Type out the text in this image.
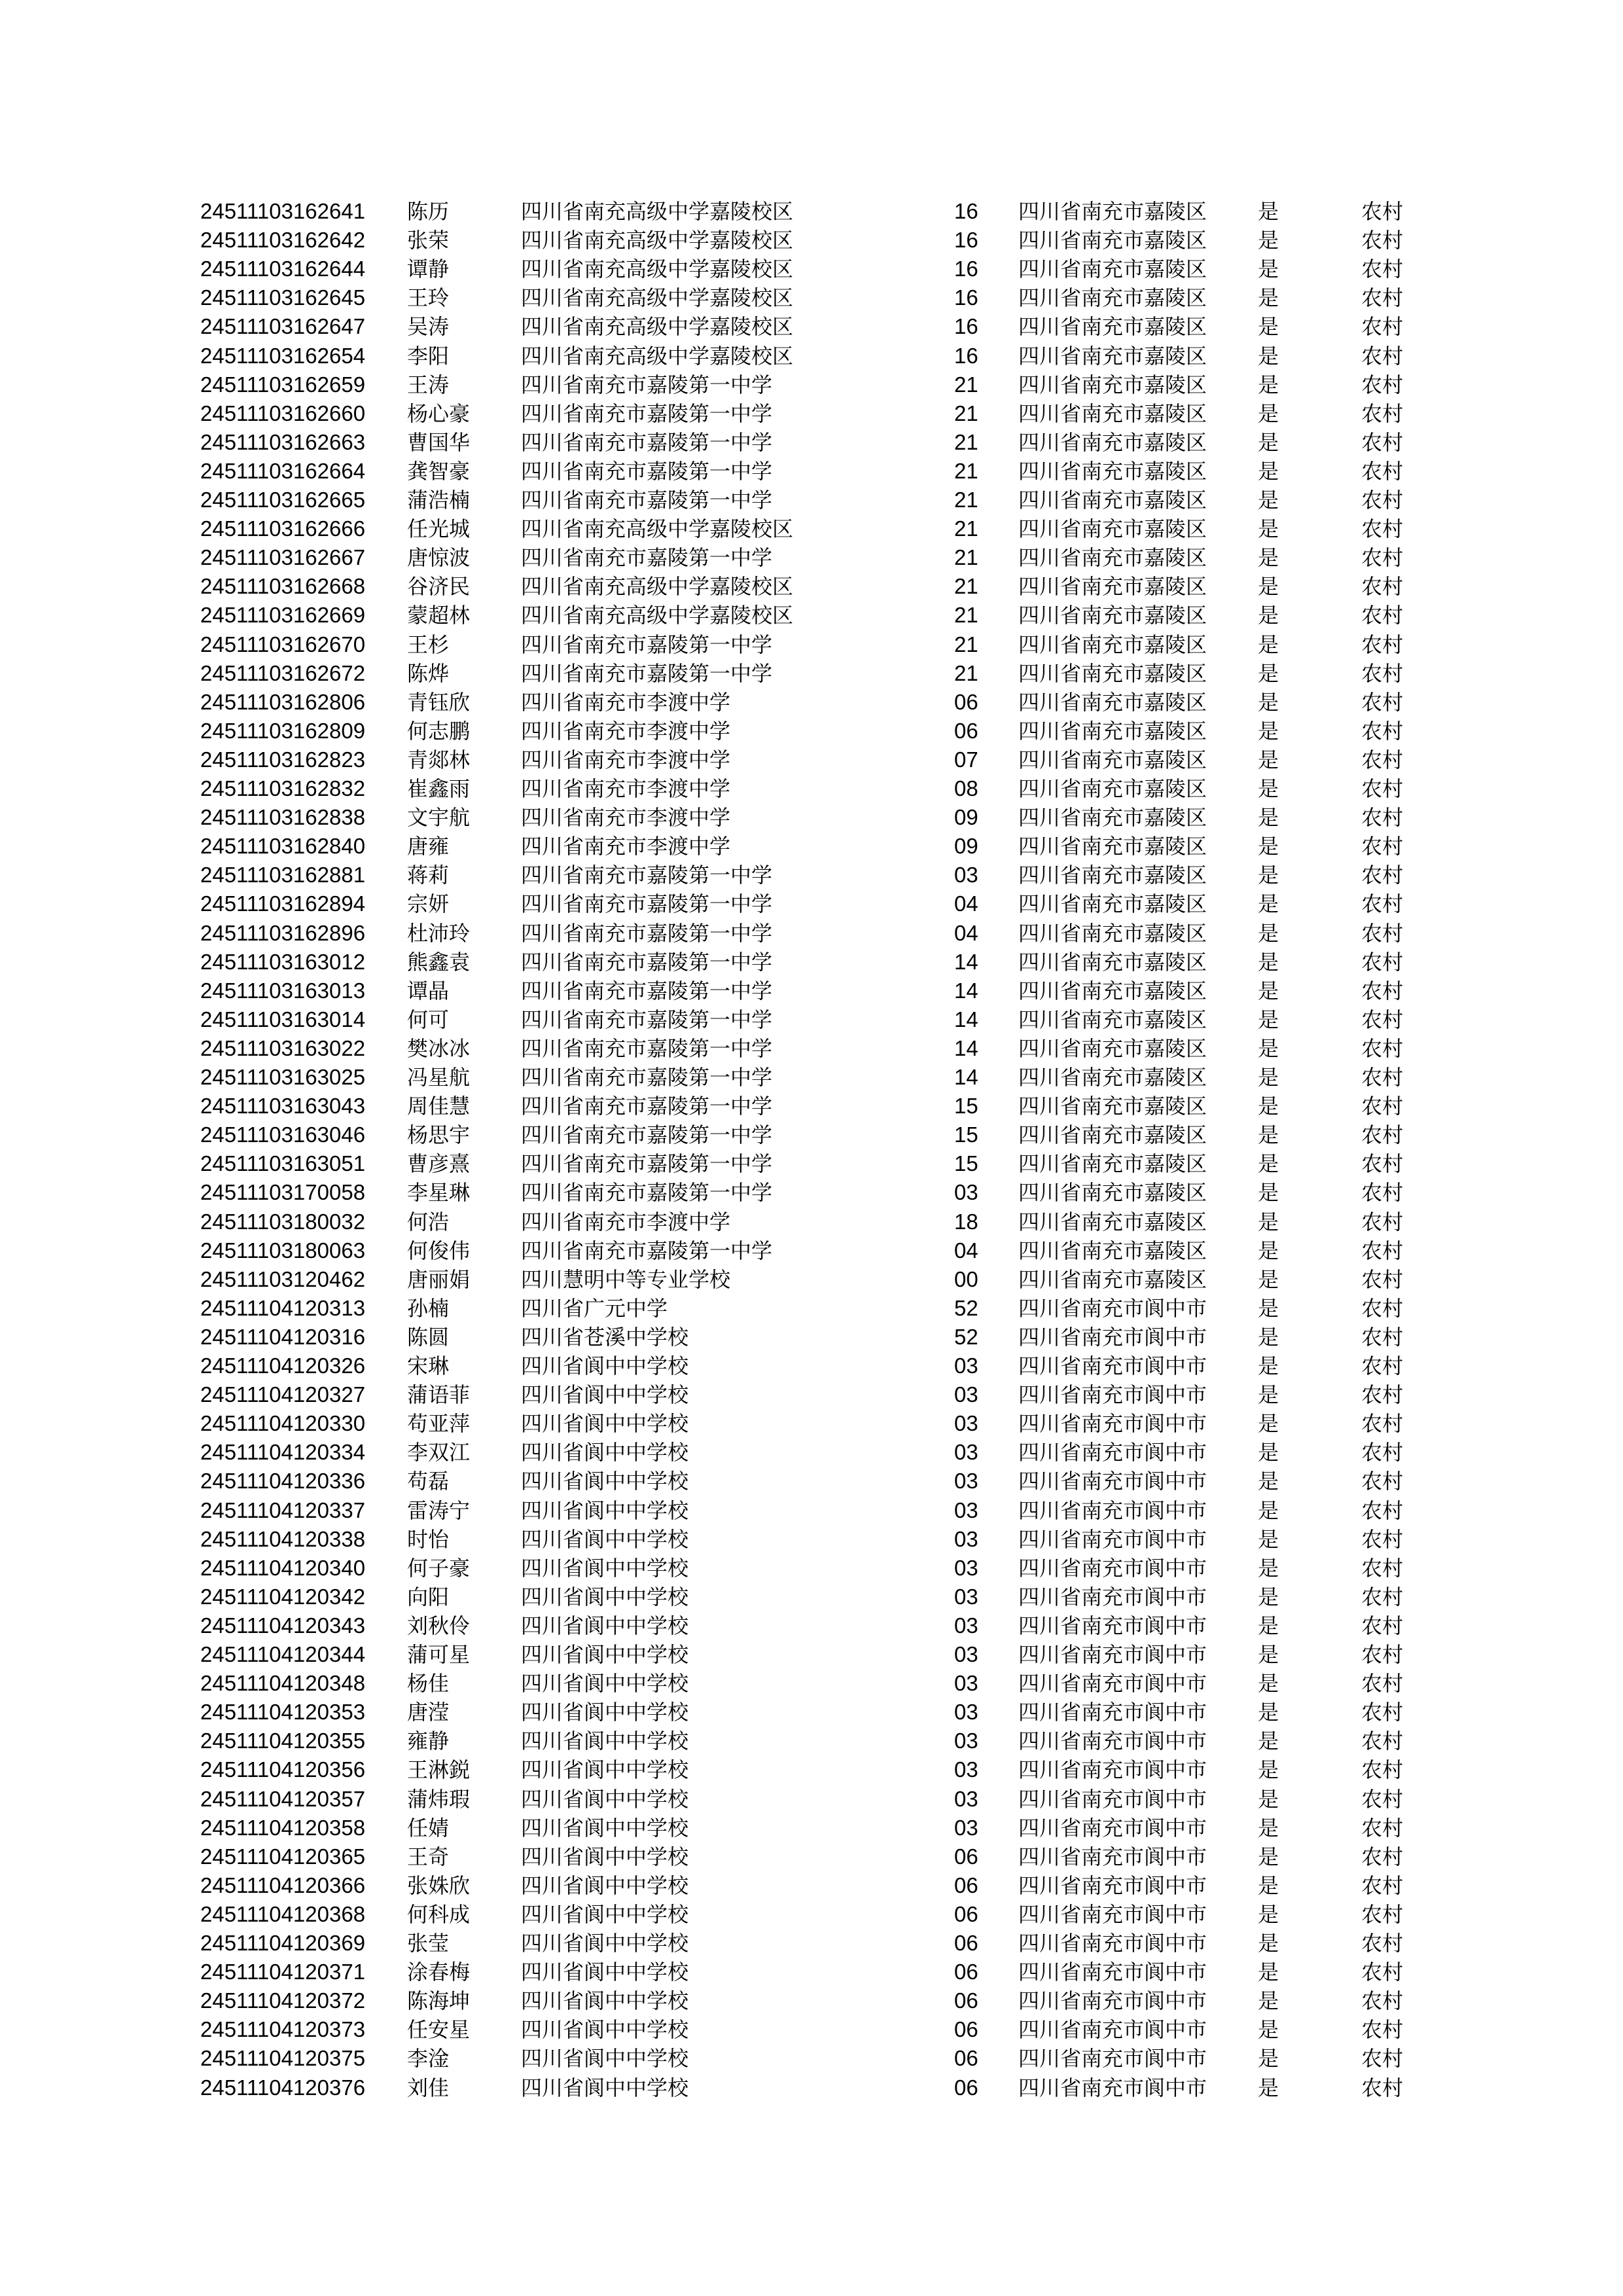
24511103162641 陈历	四川省南充高级中学嘉陵校区	16 四川省南充市嘉陵区 是	农村
24511103162642 张荣	四川省南充高级中学嘉陵校区	16 四川省南充市嘉陵区 是	农村
24511103162644 谭静	四川省南充高级中学嘉陵校区	16 四川省南充市嘉陵区 是	农村
24511103162645 王玲	四川省南充高级中学嘉陵校区	16 四川省南充市嘉陵区 是	农村
24511103162647 吴涛	四川省南充高级中学嘉陵校区	16 四川省南充市嘉陵区 是	农村
24511103162654 李阳	四川省南充高级中学嘉陵校区	16 四川省南充市嘉陵区 是	农村
24511103162659 王涛	四川省南充市嘉陵第一中学	21 四川省南充市嘉陵区 是	农村
24511103162660 杨心豪 四川省南充市嘉陵第一中学	21 四川省南充市嘉陵区 是	农村
24511103162663 曹国华 四川省南充市嘉陵第一中学	21 四川省南充市嘉陵区 是	农村
24511103162664 龚智豪 四川省南充市嘉陵第一中学	21 四川省南充市嘉陵区 是	农村
24511103162665 蒲浩楠 四川省南充市嘉陵第一中学	21 四川省南充市嘉陵区 是	农村
24511103162666 任光城 四川省南充高级中学嘉陵校区	21 四川省南充市嘉陵区 是	农村
24511103162667 唐惊波 四川省南充市嘉陵第一中学	21 四川省南充市嘉陵区 是	农村
24511103162668 谷济民 四川省南充高级中学嘉陵校区	21 四川省南充市嘉陵区 是	农村
24511103162669 蒙超林 四川省南充高级中学嘉陵校区	21 四川省南充市嘉陵区 是	农村
24511103162670 王杉	四川省南充市嘉陵第一中学	21 四川省南充市嘉陵区 是	农村
24511103162672 陈烨	四川省南充市嘉陵第一中学	21 四川省南充市嘉陵区 是	农村
24511103162806 青钰欣 四川省南充市李渡中学	06 四川省南充市嘉陵区 是	农村
24511103162809 何志鹏 四川省南充市李渡中学	06 四川省南充市嘉陵区 是	农村
24511103162823 青郯林 四川省南充市李渡中学	07 四川省南充市嘉陵区 是	农村
24511103162832 崔鑫雨 四川省南充市李渡中学	08 四川省南充市嘉陵区 是	农村
24511103162838 文宇航 四川省南充市李渡中学	09 四川省南充市嘉陵区 是	农村
24511103162840 唐雍	四川省南充市李渡中学	09 四川省南充市嘉陵区 是	农村
24511103162881 蒋莉	四川省南充市嘉陵第一中学	03 四川省南充市嘉陵区 是	农村
24511103162894 宗妍	四川省南充市嘉陵第一中学	04 四川省南充市嘉陵区 是	农村
24511103162896 杜沛玲 四川省南充市嘉陵第一中学	04 四川省南充市嘉陵区 是	农村
24511103163012 熊鑫袁 四川省南充市嘉陵第一中学	14 四川省南充市嘉陵区 是	农村
24511103163013 谭晶	四川省南充市嘉陵第一中学	14 四川省南充市嘉陵区 是	农村
24511103163014 何可	四川省南充市嘉陵第一中学	14 四川省南充市嘉陵区 是	农村
24511103163022 樊冰冰 四川省南充市嘉陵第一中学	14 四川省南充市嘉陵区 是	农村
24511103163025 冯星航 四川省南充市嘉陵第一中学	14 四川省南充市嘉陵区 是	农村
24511103163043 周佳慧 四川省南充市嘉陵第一中学	15 四川省南充市嘉陵区 是	农村
24511103163046 杨思宇 四川省南充市嘉陵第一中学	15 四川省南充市嘉陵区 是	农村
24511103163051 曹彦熹 四川省南充市嘉陵第一中学	15 四川省南充市嘉陵区 是	农村
24511103170058 李星琳 四川省南充市嘉陵第一中学	03 四川省南充市嘉陵区 是	农村
24511103180032 何浩	四川省南充市李渡中学	18 四川省南充市嘉陵区 是	农村
24511103180063 何俊伟 四川省南充市嘉陵第一中学	04 四川省南充市嘉陵区 是	农村
24511103120462 唐丽娟 四川慧明中等专业学校	00 四川省南充市嘉陵区 是	农村
24511104120313 孙楠	四川省广元中学	52 四川省南充市阆中市 是	农村
24511104120316 陈圆	四川省苍溪中学校	52 四川省南充市阆中市 是	农村
24511104120326 宋琳	四川省阆中中学校	03 四川省南充市阆中市 是	农村
24511104120327 蒲语菲 四川省阆中中学校	03 四川省南充市阆中市 是	农村
24511104120330 苟亚萍 四川省阆中中学校	03 四川省南充市阆中市 是	农村
24511104120334 李双江 四川省阆中中学校	03 四川省南充市阆中市 是	农村
24511104120336 苟磊	四川省阆中中学校	03 四川省南充市阆中市 是	农村
24511104120337 雷涛宁 四川省阆中中学校	03 四川省南充市阆中市 是	农村
24511104120338 时怡	四川省阆中中学校	03 四川省南充市阆中市 是	农村
24511104120340 何子豪 四川省阆中中学校	03 四川省南充市阆中市 是	农村
24511104120342 向阳	四川省阆中中学校	03 四川省南充市阆中市 是	农村
24511104120343 刘秋伶 四川省阆中中学校	03 四川省南充市阆中市 是	农村
24511104120344 蒲可星 四川省阆中中学校	03 四川省南充市阆中市 是	农村
24511104120348 杨佳	四川省阆中中学校	03 四川省南充市阆中市 是	农村
24511104120353 唐滢	四川省阆中中学校	03 四川省南充市阆中市 是	农村
24511104120355 雍静	四川省阆中中学校	03 四川省南充市阆中市 是	农村
24511104120356 王淋鋭 四川省阆中中学校	03 四川省南充市阆中市 是	农村
24511104120357 蒲炜瑕 四川省阆中中学校	03 四川省南充市阆中市 是	农村
24511104120358 任婧	四川省阆中中学校	03 四川省南充市阆中市 是	农村
24511104120365 王奇	四川省阆中中学校	06 四川省南充市阆中市 是	农村
24511104120366 张姝欣 四川省阆中中学校	06 四川省南充市阆中市 是	农村
24511104120368 何科成 四川省阆中中学校	06 四川省南充市阆中市 是	农村
24511104120369 张莹	四川省阆中中学校	06 四川省南充市阆中市 是	农村
24511104120371 涂春梅 四川省阆中中学校	06 四川省南充市阆中市 是	农村
24511104120372 陈海坤 四川省阆中中学校	06 四川省南充市阆中市 是	农村
24511104120373 任安星 四川省阆中中学校	06 四川省南充市阆中市 是	农村
24511104120375 李淦	四川省阆中中学校	06 四川省南充市阆中市 是	农村
24511104120376 刘佳	四川省阆中中学校	06 四川省南充市阆中市 是	农村
